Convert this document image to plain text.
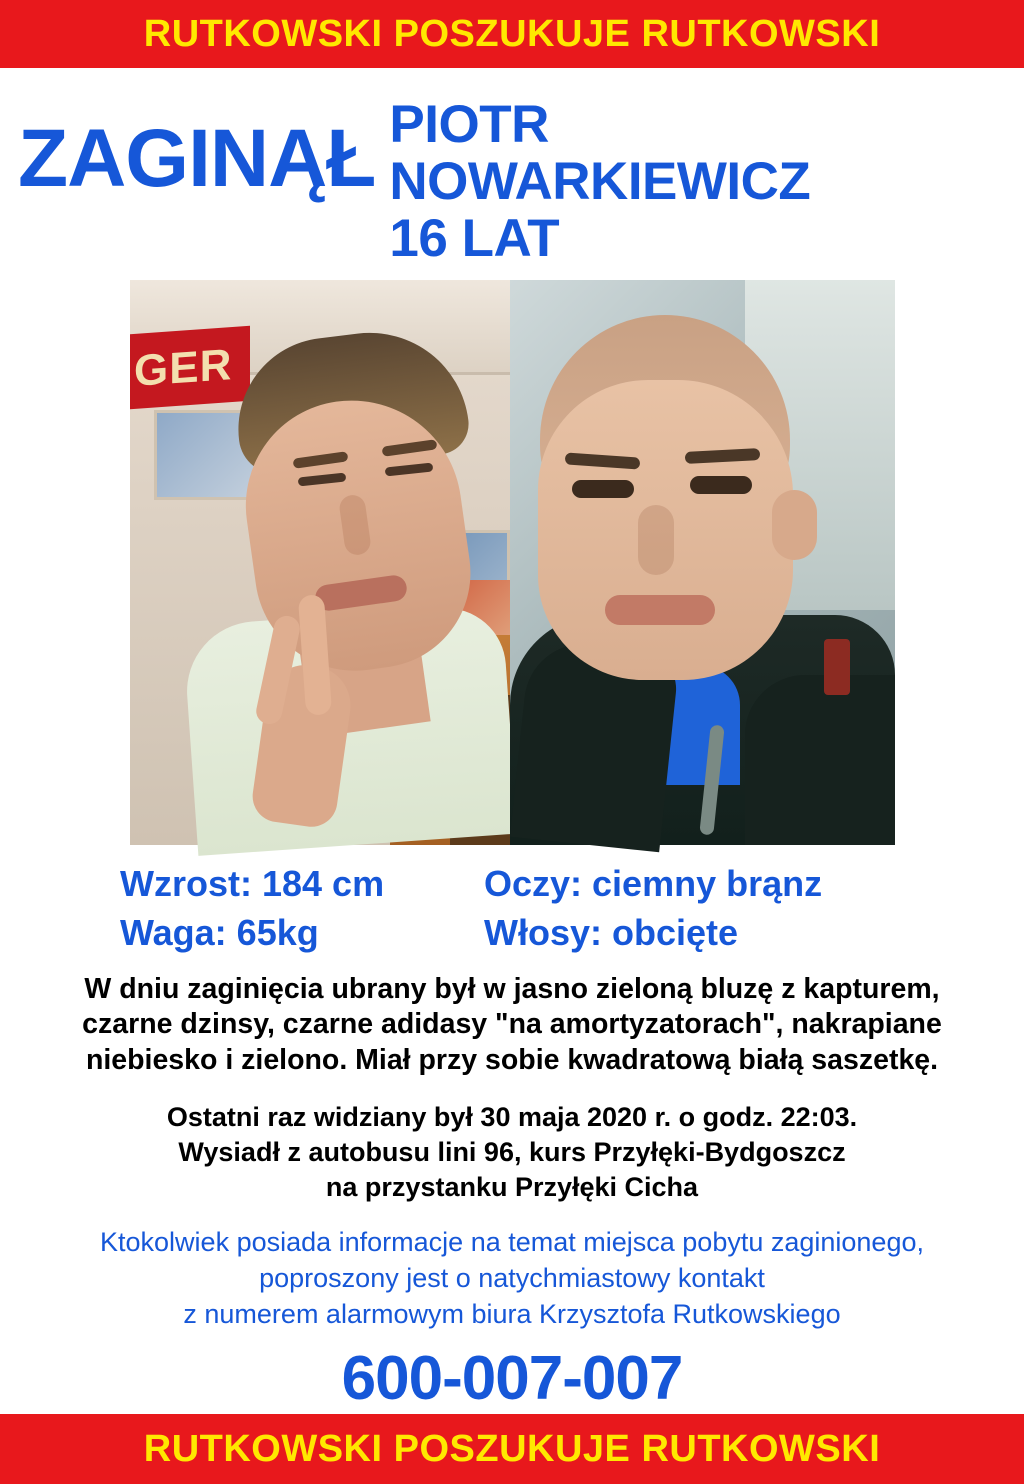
RUTKOWSKI POSZUKUJE RUTKOWSKI
ZAGINĄŁ PIOTR
NOWARKIEWICZ
16 LAT
GER
Wzrost: 184 cm
Waga: 65kg
Oczy: ciemny brąnz
Włosy: obcięte
W dniu zaginięcia ubrany był w jasno zieloną bluzę z kapturem,
czarne dzinsy, czarne adidasy "na amortyzatorach", nakrapiane
niebiesko i zielono. Miał przy sobie kwadratową białą saszetkę.
Ostatni raz widziany był 30 maja 2020 r. o godz. 22:03.
Wysiadł z autobusu lini 96, kurs Przyłęki-Bydgoszcz
na przystanku Przyłęki Cicha
Ktokolwiek posiada informacje na temat miejsca pobytu zaginionego,
poproszony jest o natychmiastowy kontakt
z numerem alarmowym biura Krzysztofa Rutkowskiego
600-007-007
RUTKOWSKI POSZUKUJE RUTKOWSKI
